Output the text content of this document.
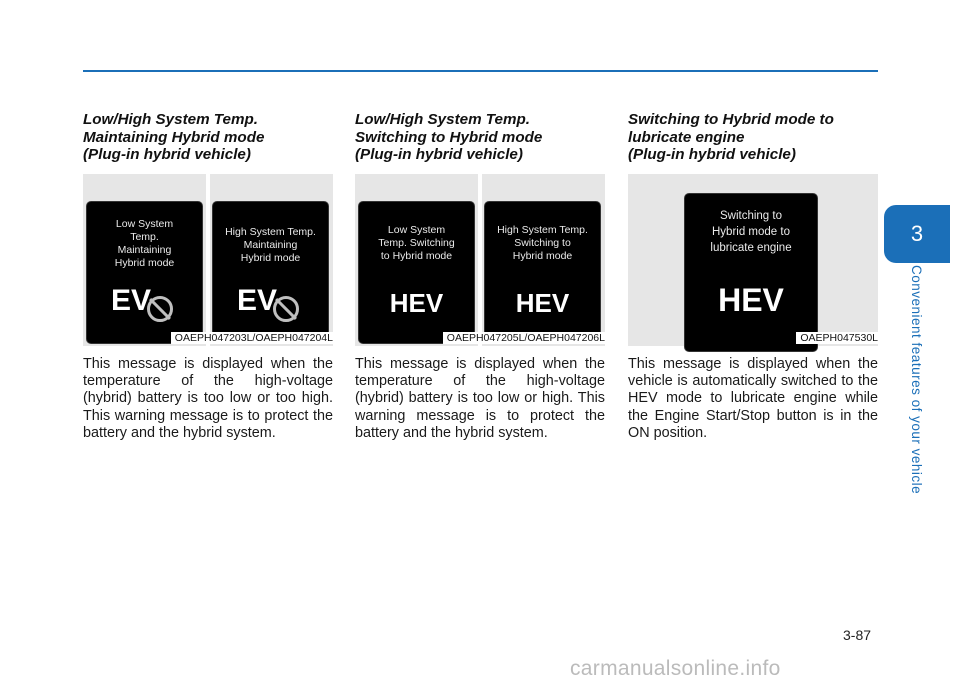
Low/High System Temp.
Maintaining Hybrid mode
(Plug-in hybrid vehicle)
Low System
Temp.
Maintaining
Hybrid mode
EV
High System Temp.
Maintaining
Hybrid mode
EV
OAEPH047203L/OAEPH047204L

This message is displayed when the temperature of the high-voltage (hybrid) battery is too low or too high. This warning message is to protect the battery and the hybrid system.

Low/High System Temp.
Switching to Hybrid mode
(Plug-in hybrid vehicle)
Low System
Temp. Switching
to Hybrid mode
HEV
High System Temp.
Switching to
Hybrid mode
HEV
OAEPH047205L/OAEPH047206L

This message is displayed when the temperature of the high-voltage (hybrid) battery is too low or high. This warning message is to protect the battery and the hybrid system.

Switching to Hybrid mode to
lubricate engine
(Plug-in hybrid vehicle)
Switching to
Hybrid mode to
lubricate engine
HEV
OAEPH047530L

This message is displayed when the vehicle is automatically switched to the HEV mode to lubricate engine while the Engine Start/Stop button is in the ON position.

3
Convenient features of your vehicle
3-87
carmanualsonline.info
